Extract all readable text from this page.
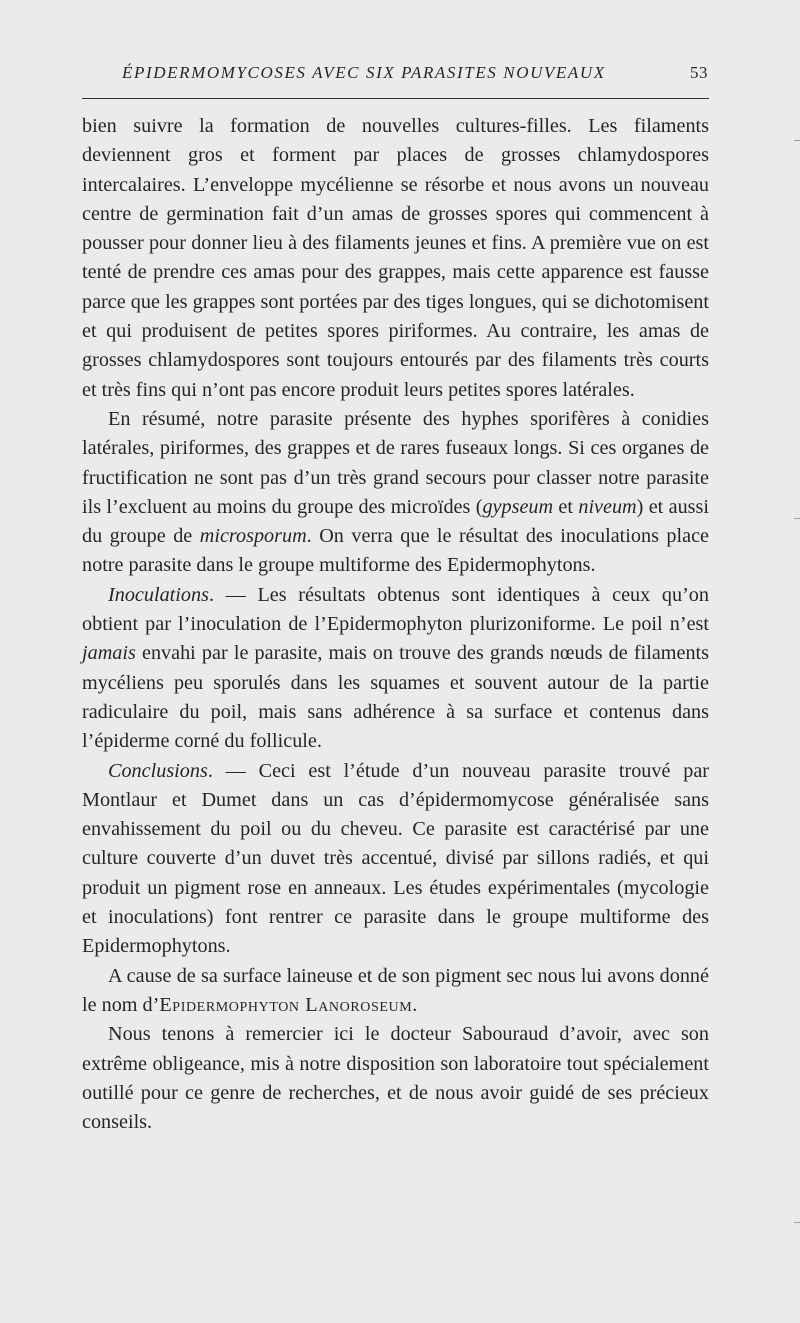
ÉPIDERMOMYCOSES AVEC SIX PARASITES NOUVEAUX	53

bien suivre la formation de nouvelles cultures-filles. Les filaments deviennent gros et forment par places de grosses chlamydospores intercalaires. L’enveloppe mycélienne se résorbe et nous avons un nouveau centre de germination fait d’un amas de grosses spores qui commencent à pousser pour donner lieu à des filaments jeunes et fins. A première vue on est tenté de prendre ces amas pour des grappes, mais cette apparence est fausse parce que les grappes sont portées par des tiges longues, qui se dichotomisent et qui produisent de petites spores piriformes. Au contraire, les amas de grosses chlamydospores sont toujours entourés par des filaments très courts et très fins qui n’ont pas encore produit leurs petites spores latérales.

En résumé, notre parasite présente des hyphes sporifères à conidies latérales, piriformes, des grappes et de rares fuseaux longs. Si ces organes de fructification ne sont pas d’un très grand secours pour classer notre parasite ils l’excluent au moins du groupe des microïdes (gypseum et niveum) et aussi du groupe de microsporum. On verra que le résultat des inoculations place notre parasite dans le groupe multiforme des Epidermophytons.

Inoculations. — Les résultats obtenus sont identiques à ceux qu’on obtient par l’inoculation de l’Epidermophyton plurizoniforme. Le poil n’est jamais envahi par le parasite, mais on trouve des grands nœuds de filaments mycéliens peu sporulés dans les squames et souvent autour de la partie radiculaire du poil, mais sans adhérence à sa surface et contenus dans l’épiderme corné du follicule.

Conclusions. — Ceci est l’étude d’un nouveau parasite trouvé par Montlaur et Dumet dans un cas d’épidermomycose généralisée sans envahissement du poil ou du cheveu. Ce parasite est caractérisé par une culture couverte d’un duvet très accentué, divisé par sillons radiés, et qui produit un pigment rose en anneaux. Les études expérimentales (mycologie et inoculations) font rentrer ce parasite dans le groupe multiforme des Epidermophytons.

A cause de sa surface laineuse et de son pigment sec nous lui avons donné le nom d’Epidermophyton Lanoroseum.

Nous tenons à remercier ici le docteur Sabouraud d’avoir, avec son extrême obligeance, mis à notre disposition son laboratoire tout spécialement outillé pour ce genre de recherches, et de nous avoir guidé de ses précieux conseils.
